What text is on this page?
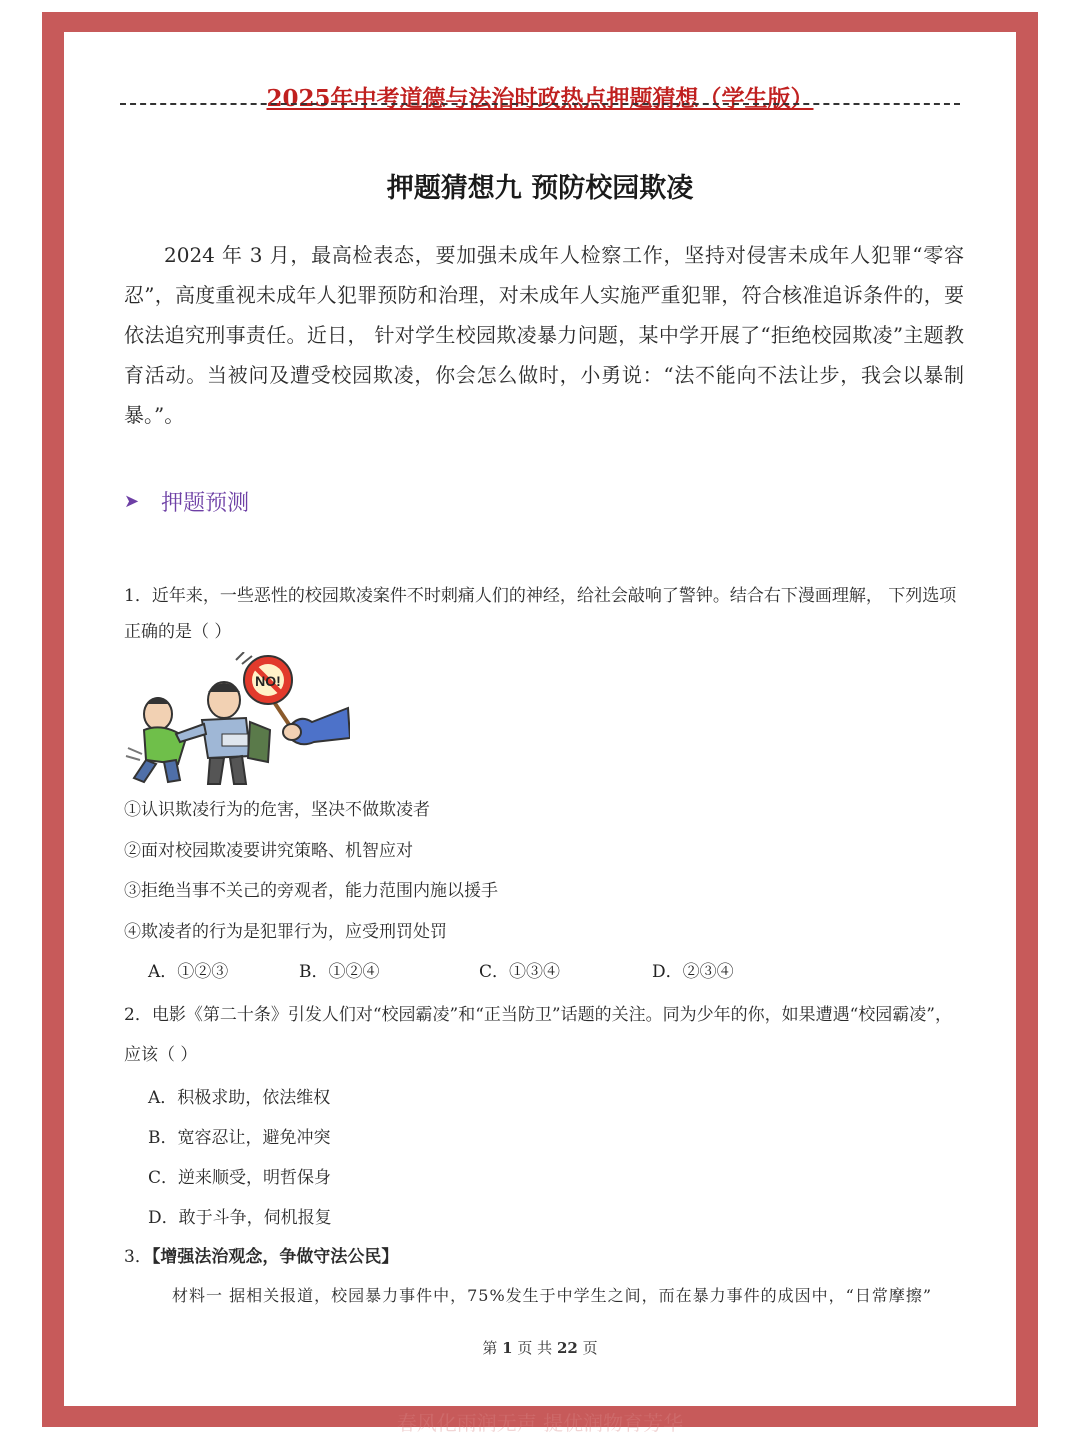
2025年中考道德与法治时政热点押题猜想（学生版）
押题猜想九 预防校园欺凌
2024 年 3 月，最高检表态，要加强未成年人检察工作，坚持对侵害未成年人犯罪“零容忍”，高度重视未成年人犯罪预防和治理，对未成年人实施严重犯罪，符合核准追诉条件的，要依法追究刑事责任。近日， 针对学生校园欺凌暴力问题，某中学开展了“拒绝校园欺凌”主题教育活动。当被问及遭受校园欺凌，你会怎么做时，小勇说：“法不能向不法让步，我会以暴制暴。”。
➤ 押题预测
1．近年来，一些恶性的校园欺凌案件不时刺痛人们的神经，给社会敲响了警钟。结合右下漫画理解， 下列选项正确的是（ ）
NO!
①认识欺凌行为的危害，坚决不做欺凌者
②面对校园欺凌要讲究策略、机智应对
③拒绝当事不关己的旁观者，能力范围内施以援手
④欺凌者的行为是犯罪行为，应受刑罚处罚
A．①②③	B．①②④	C．①③④	D．②③④
2．电影《第二十条》引发人们对“校园霸凌”和“正当防卫”话题的关注。同为少年的你，如果遭遇“校园霸凌”，应该（ ）
A．积极求助，依法维权
B．宽容忍让，避免冲突
C．逆来顺受，明哲保身
D．敢于斗争，伺机报复
3．【增强法治观念，争做守法公民】
材料一 据相关报道，校园暴力事件中，75%发生于中学生之间，而在暴力事件的成因中，“日常摩擦”
第 1 页 共 22 页
春风化雨润无声 提优润物育芳华
